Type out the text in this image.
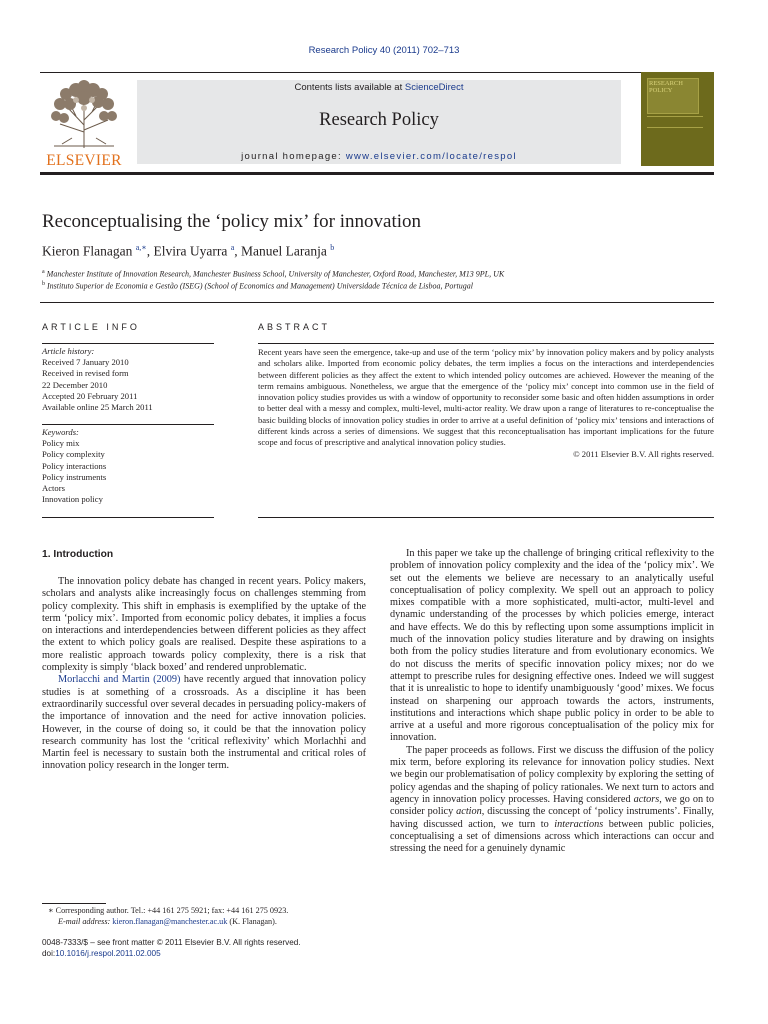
Research Policy 40 (2011) 702–713
ELSEVIER
Contents lists available at ScienceDirect
Research Policy
journal homepage: www.elsevier.com/locate/respol
RESEARCH POLICY
Reconceptualising the ‘policy mix’ for innovation
Kieron Flanagan $^{a,∗}$, Elvira Uyarra $^a$, Manuel Laranja $^b$
$^a$ Manchester Institute of Innovation Research, Manchester Business School, University of Manchester, Oxford Road, Manchester, M13 9PL, UK
$^b$ Instituto Superior de Economia e Gestão (ISEG) (School of Economics and Management) Universidade Técnica de Lisboa, Portugal
ARTICLE INFO	ABSTRACT
Article history:
Received 7 January 2010
Received in revised form
22 December 2010
Accepted 20 February 2011
Available online 25 March 2011
Keywords:
Policy mix
Policy complexity
Policy interactions
Policy instruments
Actors
Innovation policy
Recent years have seen the emergence, take-up and use of the term ‘policy mix’ by innovation policy makers and by policy analysts and scholars alike. Imported from economic policy debates, the term implies a focus on the interactions and interdependencies between different policies as they affect the extent to which intended policy outcomes are achieved. However the meaning of the term remains ambiguous. Nonetheless, we argue that the emergence of the ‘policy mix’ concept into common use in the field of innovation policy studies provides us with a window of opportunity to reconsider some basic and often hidden assumptions in order to better deal with a messy and complex, multi-level, multi-actor reality. We draw upon a range of literatures to re-conceptualise the basic building blocks of innovation policy studies in order to arrive at a useful definition of ‘policy mix’ tensions and interactions of different kinds across a series of dimensions. We suggest that this reconceptualisation has important implications for the future scope and focus of prescriptive and analytical innovation policy studies.
© 2011 Elsevier B.V. All rights reserved.
1. Introduction

The innovation policy debate has changed in recent years. Policy makers, scholars and analysts alike increasingly focus on challenges stemming from policy complexity. This shift in emphasis is exemplified by the uptake of the term ‘policy mix’. Imported from economic policy debates, it implies a focus on interactions and interdependencies between different policies as they affect the extent to which policy goals are realised. Despite these aspirations to a more realistic approach towards policy complexity, there is a risk that complexity is simply ‘black boxed’ and rendered unproblematic.

Morlacchi and Martin (2009) have recently argued that innovation policy studies is at something of a crossroads. As a discipline it has been extraordinarily successful over several decades in persuading policy-makers of the importance of innovation and the need for active innovation policies. However, in the course of doing so, it could be that the innovation policy research community has lost the ‘critical reflexivity’ which Morlachhi and Martin feel is necessary to sustain both the instrumental and critical roles of innovation policy research in the longer term.

In this paper we take up the challenge of bringing critical reflexivity to the problem of innovation policy complexity and the idea of the ‘policy mix’. We set out the elements we believe are necessary to an analytically useful conceptualisation of policy complexity. We spell out an approach to policy mixes compatible with a more sophisticated, multi-actor, multi-level and dynamic understanding of the processes by which policies emerge, interact and have effects. We do this by reflecting upon some assumptions implicit in much of the innovation policy studies literature and by drawing on insights both from the policy studies literature and from evolutionary economics. We do not discuss the merits of specific innovation policy mixes; nor do we attempt to prescribe rules for designing effective ones. Indeed we will suggest that it is unrealistic to hope to identify unambiguously ‘good’ mixes. We focus instead on sharpening our approach towards the actors, instruments, institutions and interactions which shape public policy in order to be able to arrive at a useful and more rigorous conceptualisation of the policy mix for innovation.

The paper proceeds as follows. First we discuss the diffusion of the policy mix term, before exploring its relevance for innovation policy studies. Next we begin our problematisation of policy complexity by exploring the setting of policy agendas and the shaping of policy rationales. We next turn to actors and agency in innovation policy processes. Having considered actors, we go on to consider policy action, discussing the concept of ‘policy instruments’. Finally, having discussed action, we turn to interactions between public policies, conceptualising a set of dimensions across which interactions can occur and stressing the need for a genuinely dynamic

∗ Corresponding author. Tel.: +44 161 275 5921; fax: +44 161 275 0923.
E-mail address: kieron.flanagan@manchester.ac.uk (K. Flanagan).
0048-7333/$ – see front matter © 2011 Elsevier B.V. All rights reserved.
doi:10.1016/j.respol.2011.02.005
